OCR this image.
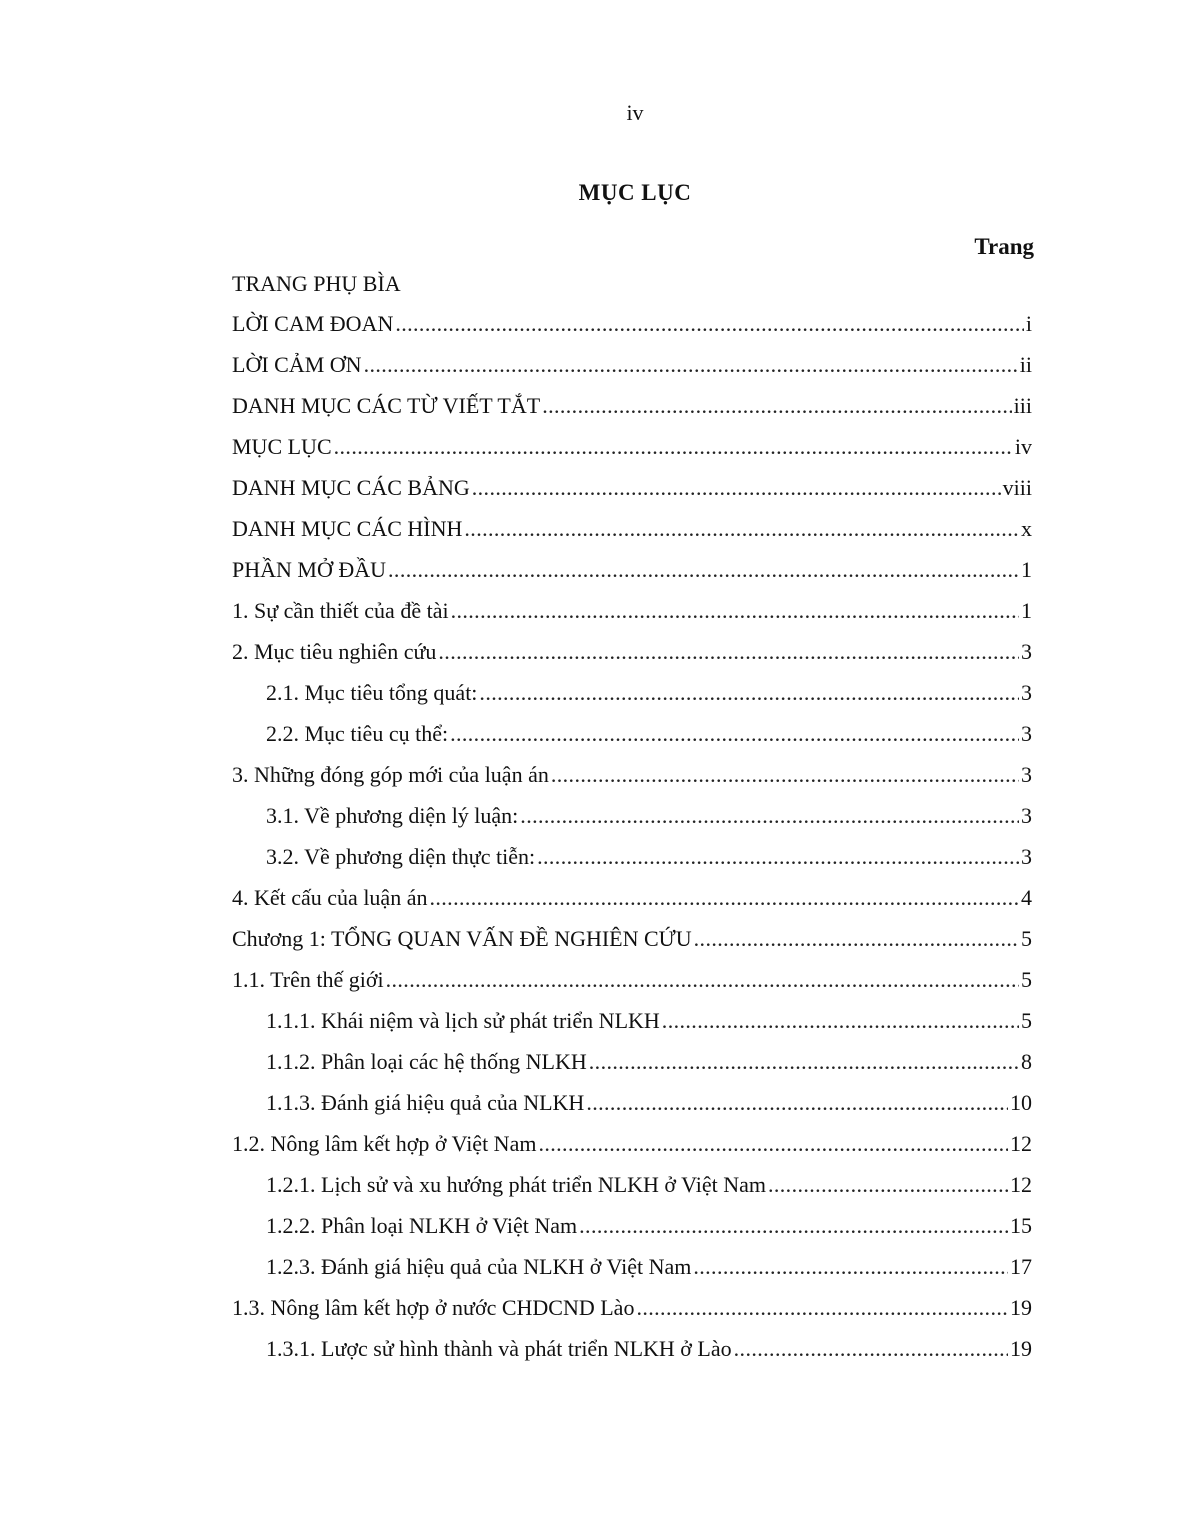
iv
MỤC LỤC
Trang
TRANG PHỤ BÌA
LỜI CAM ĐOAN .....	i
LỜI CẢM ƠN .....	ii
DANH MỤC CÁC TỪ VIẾT TẮT .....	iii
MỤC LỤC .....	iv
DANH MỤC CÁC BẢNG .....	viii
DANH MỤC CÁC HÌNH .....	x
PHẦN MỞ ĐẦU .....	1
1. Sự cần thiết của đề tài .....	1
2. Mục tiêu nghiên cứu .....	3
2.1. Mục tiêu tổng quát: .....	3
2.2. Mục tiêu cụ thể: .....	3
3. Những đóng góp mới của luận án .....	3
3.1. Về phương diện lý luận: .....	3
3.2. Về phương diện thực tiễn: .....	3
4. Kết cấu của luận án .....	4
Chương 1: TỔNG QUAN VẤN ĐỀ NGHIÊN CỨU .....	5
1.1. Trên thế giới .....	5
1.1.1. Khái niệm và lịch sử phát triển NLKH .....	5
1.1.2. Phân loại các hệ thống NLKH .....	8
1.1.3. Đánh giá hiệu quả của NLKH .....	10
1.2. Nông lâm kết hợp ở Việt Nam .....	12
1.2.1. Lịch sử và xu hướng phát triển NLKH ở Việt Nam .....	12
1.2.2. Phân loại NLKH ở Việt Nam .....	15
1.2.3. Đánh giá hiệu quả của NLKH ở Việt Nam .....	17
1.3. Nông lâm kết hợp ở nước CHDCND Lào .....	19
1.3.1. Lược sử hình thành và phát triển NLKH ở Lào .....	19
